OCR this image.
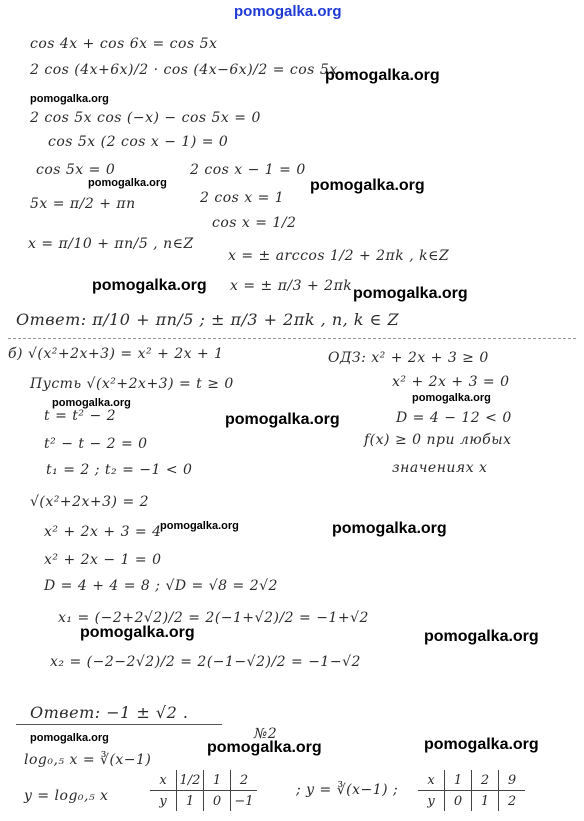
pomogalka.org
cos 4x + cos 6x = cos 5x
2 cos (4x+6x)/2 · cos (4x−6x)/2 = cos 5x
pomogalka.org
pomogalka.org
2 cos 5x cos (−x) − cos 5x = 0
cos 5x (2 cos x − 1) = 0
cos 5x = 0	2 cos x − 1 = 0
pomogalka.org	pomogalka.org
5x = π/2 + πn	2 cos x = 1
cos x = 1/2
x = π/10 + πn/5 , n∈Z
x = ± arccos 1/2 + 2πk , k∈Z
pomogalka.org x = ± π/3 + 2πk pomogalka.org
Ответ: π/10 + πn/5 ; ± π/3 + 2πk , n, k ∈ Z
б) √(x²+2x+3) = x² + 2x + 1	ОДЗ: x² + 2x + 3 ≥ 0
Пусть √(x²+2x+3) = t ≥ 0	x² + 2x + 3 = 0
pomogalka.org	pomogalka.org
t = t² − 2	pomogalka.org	D = 4 − 12 < 0
t² − t − 2 = 0	f(x) ≥ 0 при любых
t₁ = 2 ; t₂ = −1 < 0	значениях x
√(x²+2x+3) = 2
x² + 2x + 3 = 4
pomogalka.org	pomogalka.org
x² + 2x − 1 = 0
D = 4 + 4 = 8 ; √D = √8 = 2√2
x₁ = (−2+2√2)/2 = 2(−1+√2)/2 = −1+√2
pomogalka.org	pomogalka.org
x₂ = (−2−2√2)/2 = 2(−1−√2)/2 = −1−√2
Ответ: −1 ± √2 .
№2
pomogalka.org
pomogalka.org	pomogalka.org
log₀,₅ x = ∛(x−1)
y = log₀,₅ x
x 1/2 1	2
y	1	0	−1
; y = ∛(x−1) ;
x	1	2	9
y	0	1	2
